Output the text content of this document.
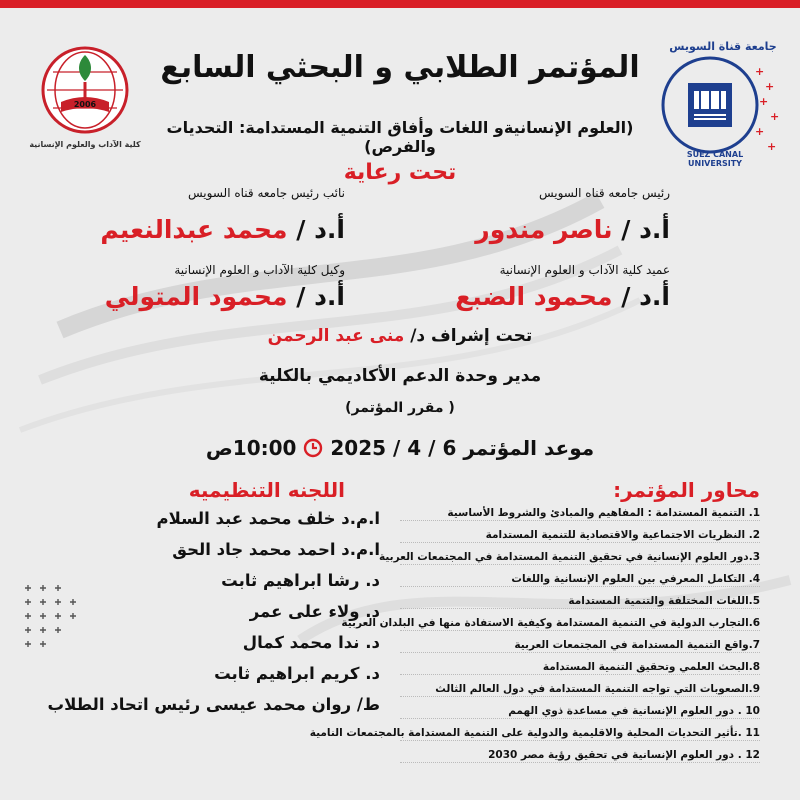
+
+
+
+
+
+
جامعة قناة السويس
SUEZ CANAL UNIVERSITY
2006
كلية الآداب والعلوم الإنسانية
المؤتمر الطلابي و البحثي السابع
(العلوم الإنسانيةو اللغات وأفاق التنمية المستدامة: التحديات والفرص)
تحت رعاية
رئيس جامعه قناه السويس
أ.د / ناصر مندور
نائب رئيس جامعه قناه السويس
أ.د / محمد عبدالنعيم
عميد كلية الآداب و العلوم الإنسانية
أ.د / محمود الضبع
وكيل كلية الآداب و العلوم الإنسانية
أ.د / محمود المتولي
تحت إشراف د/ منى عبد الرحمن
مدير وحدة الدعم الأكاديمي بالكلية
( مقرر المؤتمر)
موعد المؤتمر 6 / 4 / 2025  10:00ص
اللجنه التنظيميه
ا.م.د خلف محمد عبد السلام
ا.م.د احمد محمد جاد الحق
د. رشا ابراهيم ثابت
د. ولاء على عمر
د. ندا محمد كمال
د. كريم ابراهيم ثابت
ط/ روان محمد عيسى رئيس اتحاد الطلاب
محاور المؤتمر:
1. التنمية المستدامة : المفاهيم والمبادئ والشروط الأساسية
2. النظريات الاجتماعية والاقتصادية للتنمية المستدامة
3.دور العلوم الإنسانية في تحقيق التنمية المستدامة في المجتمعات العربية
4. التكامل المعرفي بين العلوم الإنسانية واللغات
5.اللغات المختلفة والتنمية المستدامة
6.التجارب الدولية في التنمية المستدامة وكيفية الاستفادة منها في البلدان العربية
7.واقع التنمية المستدامة في المجتمعات العربية
8.البحث العلمي وتحقيق التنمية المستدامة
9.الصعوبات التي تواجه التنمية المستدامة في دول العالم الثالث
10 . دور العلوم الإنسانية في مساعدة ذوي الهمم
11 .تأثير التحديات المحلية والاقليمية والدولية على التنمية المستدامة بالمجتمعات النامية
12 . دور العلوم الإنسانية في تحقيق رؤية مصر 2030
